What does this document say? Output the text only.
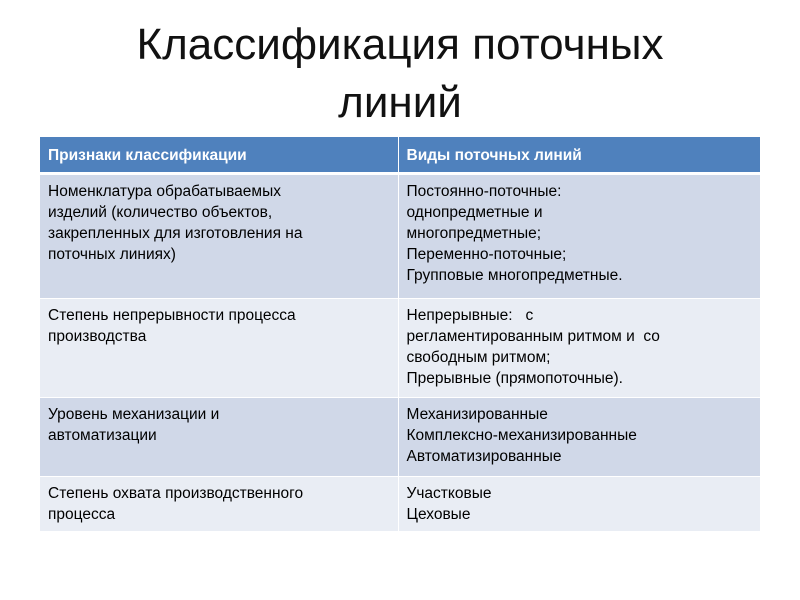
Классификация поточных
линий
Признаки классификации	Виды поточных линий

Номенклатура обрабатываемых
изделий (количество объектов,
закрепленных для изготовления на
поточных линиях)	Постоянно-поточные:
однопредметные и
многопредметные;
Переменно-поточные;
Групповые многопредметные.

Степень непрерывности процесса
производства	Непрерывные:   с
регламентированным ритмом и  со
свободным ритмом;
Прерывные (прямопоточные).

Уровень механизации и
автоматизации	Механизированные
Комплексно-механизированные
Автоматизированные

Степень охвата производственного
процесса	Участковые
Цеховые
